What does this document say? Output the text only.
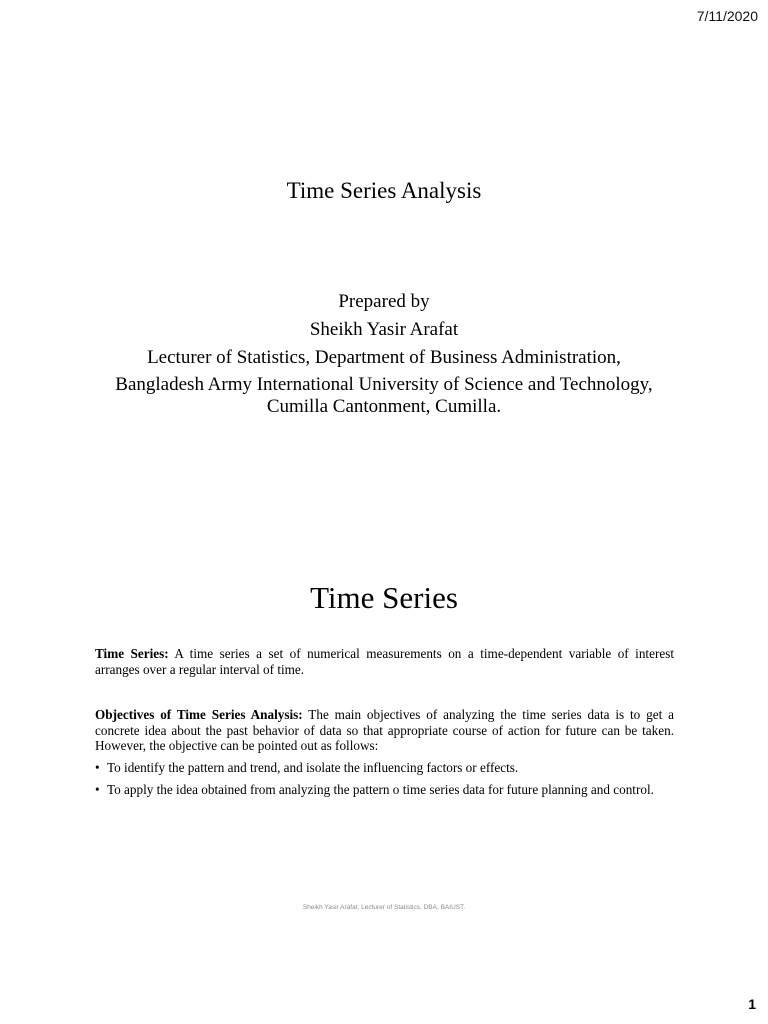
7/11/2020
Time Series Analysis
Prepared by
Sheikh Yasir Arafat
Lecturer of Statistics, Department of Business Administration,
Bangladesh Army International University of Science and Technology,
Cumilla Cantonment, Cumilla.
Time Series
Time Series: A time series a set of numerical measurements on a time-dependent variable of interest arranges over a regular interval of time.
Objectives of Time Series Analysis: The main objectives of analyzing the time series data is to get a concrete idea about the past behavior of data so that appropriate course of action for future can be taken. However, the objective can be pointed out as follows:
• To identify the pattern and trend, and isolate the influencing factors or effects.
• To apply the idea obtained from analyzing the pattern o time series data for future planning and control.
Sheikh Yasir Arafat, Lecturer of Statistics, DBA, BAIUST.
1
